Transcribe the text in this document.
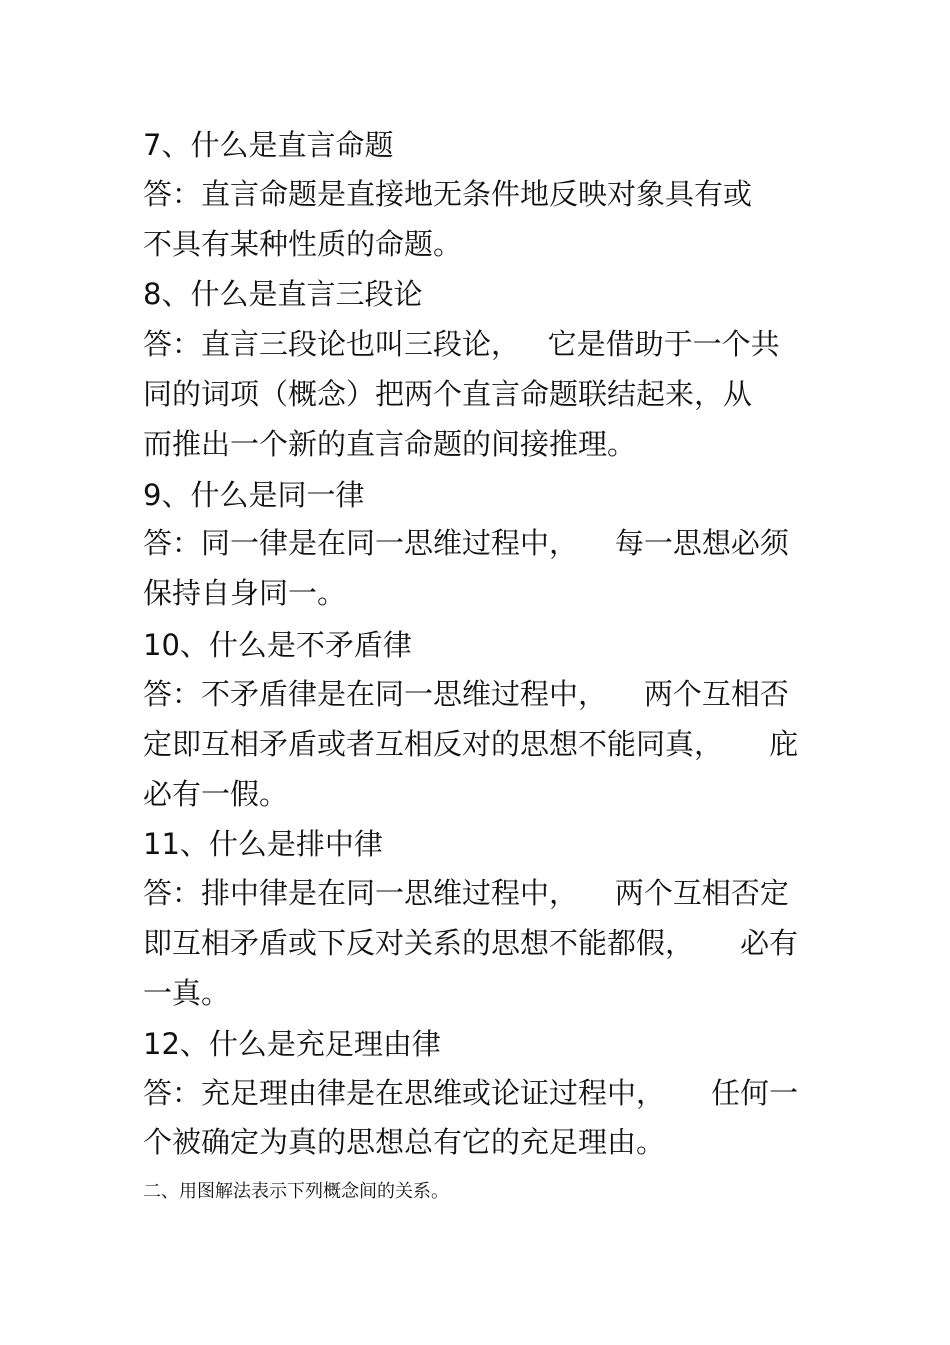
7、什么是直言命题
答：直言命题是直接地无条件地反映对象具有或
不具有某种性质的命题。
8、什么是直言三段论
答：直言三段论也叫三段论，   它是借助于一个共
同的词项（概念）把两个直言命题联结起来，从
而推出一个新的直言命题的间接推理。
9、什么是同一律
答：同一律是在同一思维过程中，    每一思想必须
保持自身同一。
10、什么是不矛盾律
答：不矛盾律是在同一思维过程中，    两个互相否
定即互相矛盾或者互相反对的思想不能同真，     庇
必有一假。
11、什么是排中律
答：排中律是在同一思维过程中，    两个互相否定
即互相矛盾或下反对关系的思想不能都假，     必有
一真。
12、什么是充足理由律
答：充足理由律是在思维或论证过程中，     任何一
个被确定为真的思想总有它的充足理由。
二、用图解法表示下列概念间的关系。
